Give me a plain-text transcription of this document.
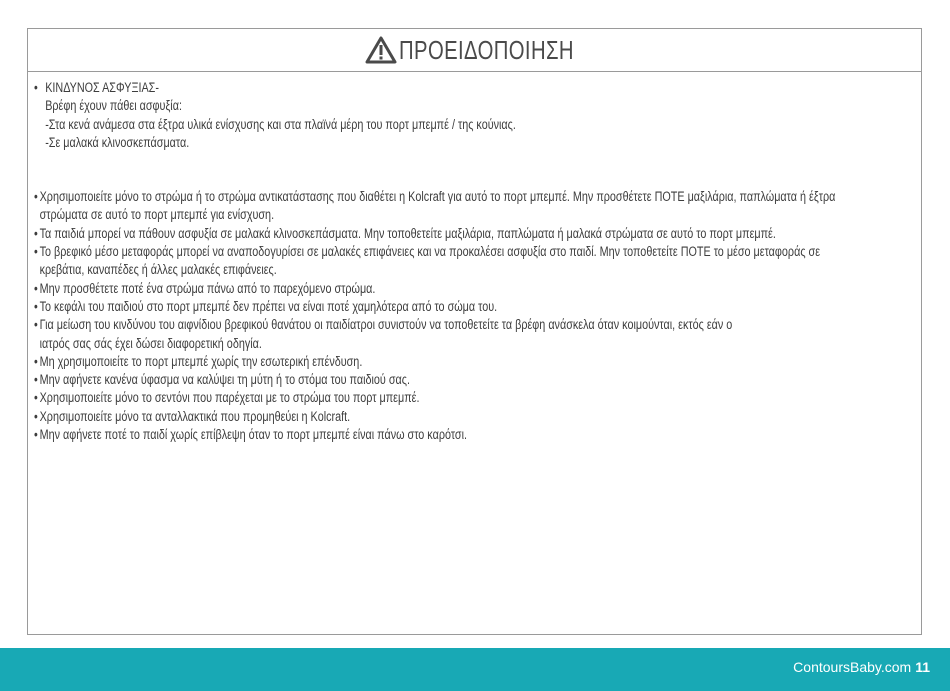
ΠΡΟΕΙΔΟΠΟΙΗΣΗ
• ΚΙΝΔΥΝΟΣ ΑΣΦΥΞΙΑΣ-
Βρέφη έχουν πάθει ασφυξία:
-Στα κενά ανάμεσα στα έξτρα υλικά ενίσχυσης και στα πλαϊνά μέρη του πορτ μπεμπέ / της κούνιας.
-Σε μαλακά κλινοσκεπάσματα.
• Χρησιμοποιείτε μόνο το στρώμα ή το στρώμα αντικατάστασης που διαθέτει η Kolcraft για αυτό το πορτ μπεμπέ. Μην προσθέτετε ΠΟΤΕ μαξιλάρια, παπλώματα ή έξτρα
στρώματα σε αυτό το πορτ μπεμπέ για ενίσχυση.
• Τα παιδιά μπορεί να πάθουν ασφυξία σε μαλακά κλινοσκεπάσματα. Μην τοποθετείτε μαξιλάρια, παπλώματα ή μαλακά στρώματα σε αυτό το πορτ μπεμπέ.
• Το βρεφικό μέσο μεταφοράς μπορεί να αναποδογυρίσει σε μαλακές επιφάνειες και να προκαλέσει ασφυξία στο παιδί. Μην τοποθετείτε ΠΟΤΕ το μέσο μεταφοράς σε
κρεβάτια, καναπέδες ή άλλες μαλακές επιφάνειες.
• Μην προσθέτετε ποτέ ένα στρώμα πάνω από το παρεχόμενο στρώμα.
• Το κεφάλι του παιδιού στο πορτ μπεμπέ δεν πρέπει να είναι ποτέ χαμηλότερα από το σώμα του.
• Για μείωση του κινδύνου του αιφνίδιου βρεφικού θανάτου οι παιδίατροι συνιστούν να τοποθετείτε τα βρέφη ανάσκελα όταν κοιμούνται, εκτός εάν ο
ιατρός σας σάς έχει δώσει διαφορετική οδηγία.
• Μη χρησιμοποιείτε το πορτ μπεμπέ χωρίς την εσωτερική επένδυση.
• Μην αφήνετε κανένα ύφασμα να καλύψει τη μύτη ή το στόμα του παιδιού σας.
• Χρησιμοποιείτε μόνο το σεντόνι που παρέχεται με το στρώμα του πορτ μπεμπέ.
• Χρησιμοποιείτε μόνο τα ανταλλακτικά που προμηθεύει η Kolcraft.
• Μην αφήνετε ποτέ το παιδί χωρίς επίβλεψη όταν το πορτ μπεμπέ είναι πάνω στο καρότσι.
ContoursBaby.com 11
